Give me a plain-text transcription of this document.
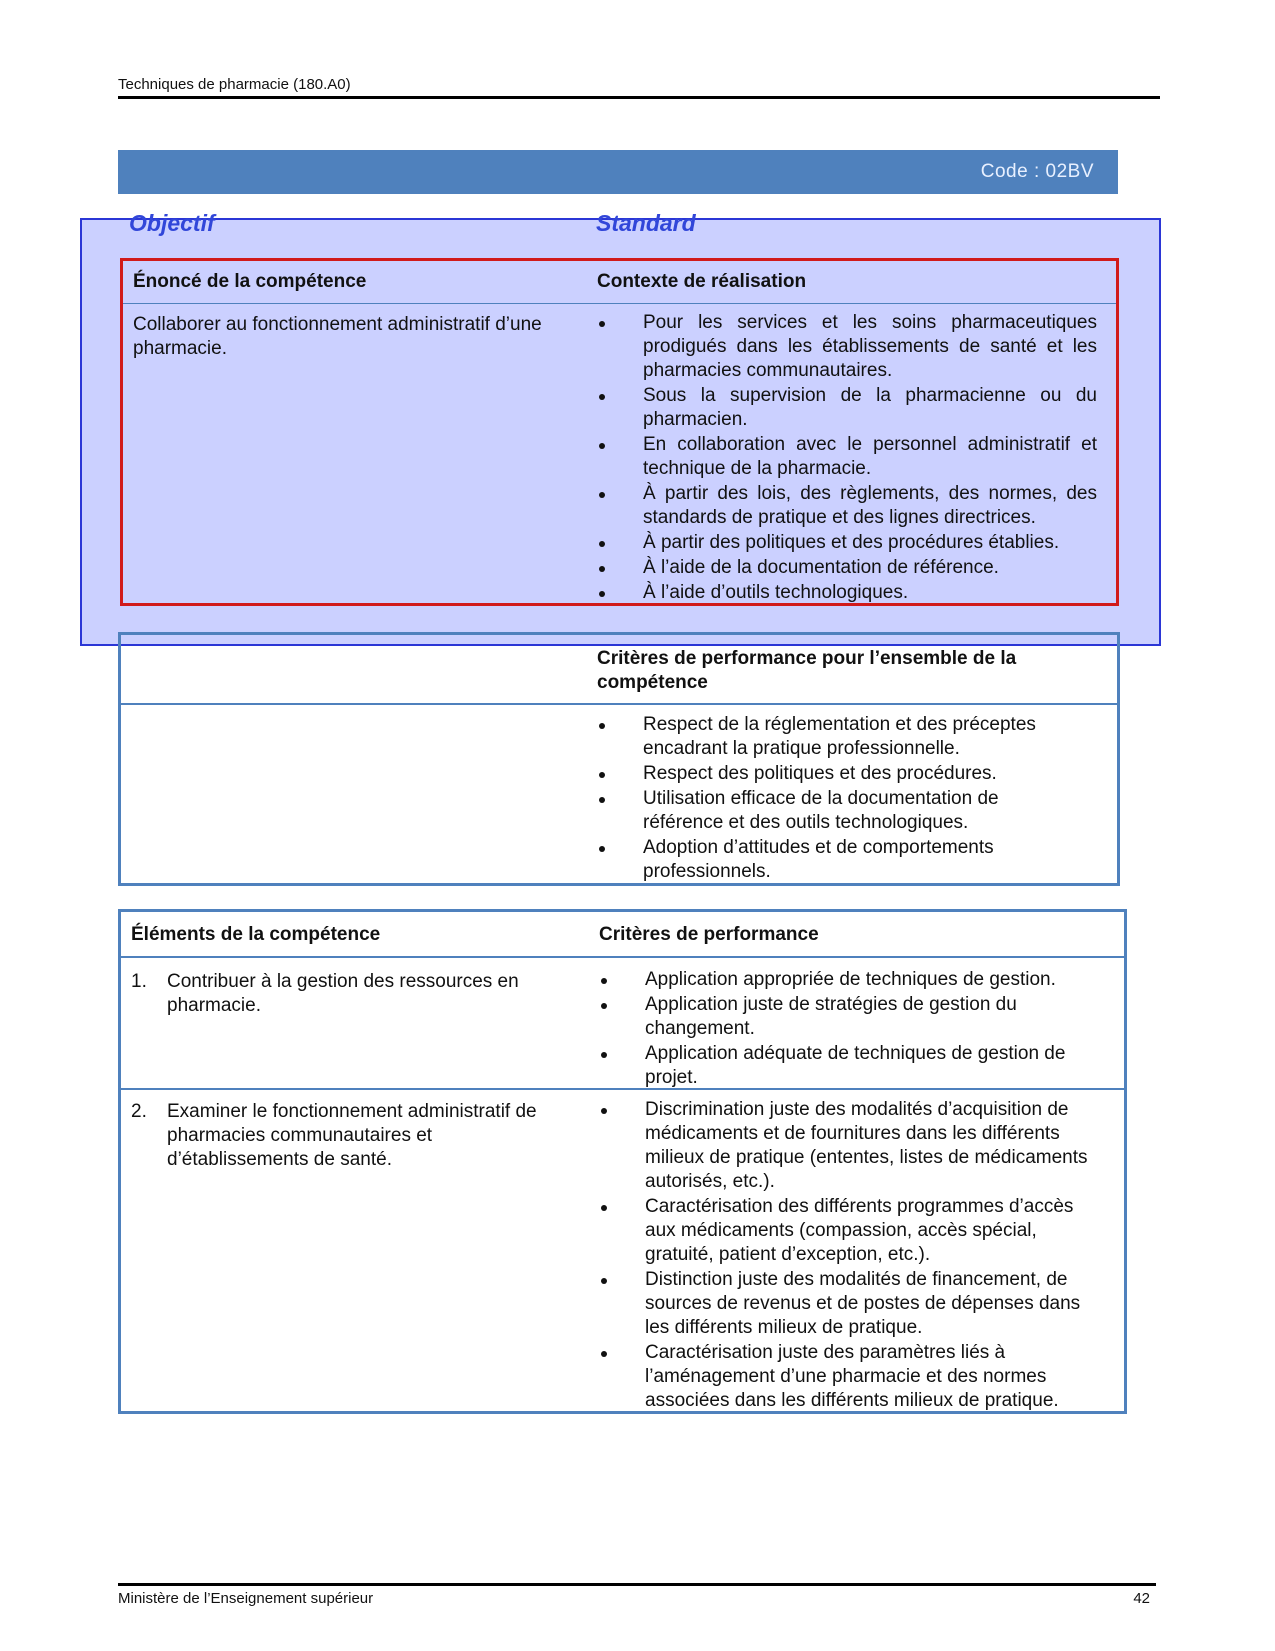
Techniques de pharmacie (180.A0)
Code : 02BV
Objectif	Standard
Énoncé de la compétence	Contexte de réalisation
Collaborer au fonctionnement administratif d’une pharmacie.
Pour les services et les soins pharmaceutiques prodigués dans les établissements de santé et les pharmacies communautaires.
Sous la supervision de la pharmacienne ou du pharmacien.
En collaboration avec le personnel administratif et technique de la pharmacie.
À partir des lois, des règlements, des normes, des standards de pratique et des lignes directrices.
À partir des politiques et des procédures établies.
À l’aide de la documentation de référence.
À l’aide d’outils technologiques.
Critères de performance pour l’ensemble de la compétence
Respect de la réglementation et des préceptes encadrant la pratique professionnelle.
Respect des politiques et des procédures.
Utilisation efficace de la documentation de référence et des outils technologiques.
Adoption d’attitudes et de comportements professionnels.
Éléments de la compétence	Critères de performance
1.	Contribuer à la gestion des ressources en pharmacie.
Application appropriée de techniques de gestion.
Application juste de stratégies de gestion du changement.
Application adéquate de techniques de gestion de projet.
2.	Examiner le fonctionnement administratif de pharmacies communautaires et d’établissements de santé.
Discrimination juste des modalités d’acquisition de médicaments et de fournitures dans les différents milieux de pratique (ententes, listes de médicaments autorisés, etc.).
Caractérisation des différents programmes d’accès aux médicaments (compassion, accès spécial, gratuité, patient d’exception, etc.).
Distinction juste des modalités de financement, de sources de revenus et de postes de dépenses dans les différents milieux de pratique.
Caractérisation juste des paramètres liés à l’aménagement d’une pharmacie et des normes associées dans les différents milieux de pratique.
Ministère de l’Enseignement supérieur	42
